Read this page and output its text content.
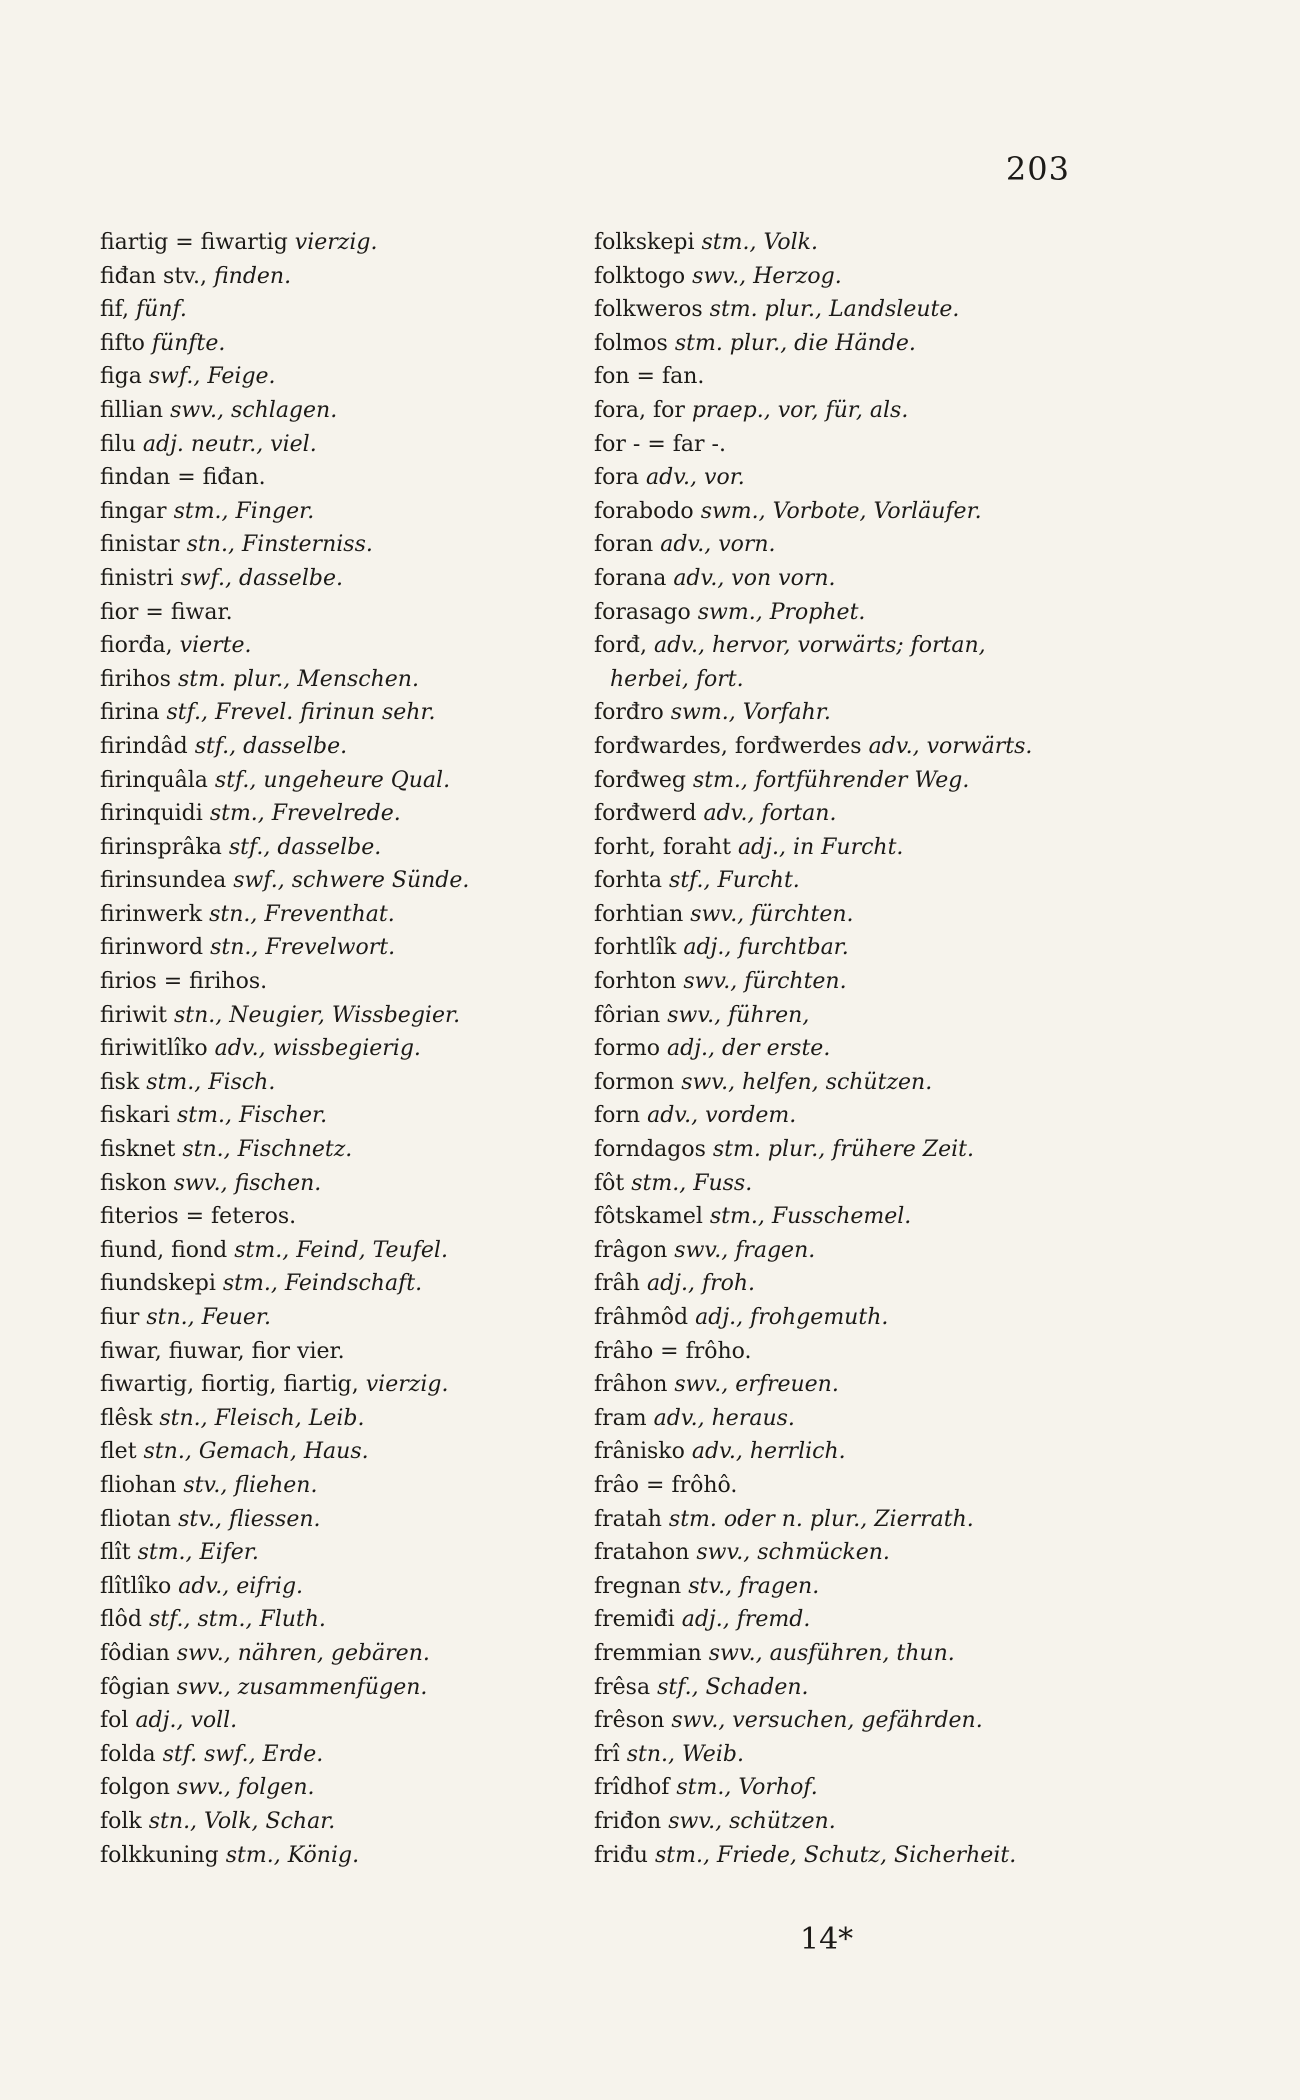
203
fiartig = fiwartig vierzig.
fiđan stv., finden.
fif, fünf.
fifto fünfte.
figa swf., Feige.
fillian swv., schlagen.
filu adj. neutr., viel.
findan = fiđan.
fingar stm., Finger.
finistar stn., Finsterniss.
finistri swf., dasselbe.
fior = fiwar.
fiorđa, vierte.
firihos stm. plur., Menschen.
firina stf., Frevel. firinun sehr.
firindâd stf., dasselbe.
firinquâla stf., ungeheure Qual.
firinquidi stm., Frevelrede.
firinsprâka stf., dasselbe.
firinsundea swf., schwere Sünde.
firinwerk stn., Freventhat.
firinword stn., Frevelwort.
firios = firihos.
firiwit stn., Neugier, Wissbegier.
firiwitlîko adv., wissbegierig.
fisk stm., Fisch.
fiskari stm., Fischer.
fisknet stn., Fischnetz.
fiskon swv., fischen.
fiterios = feteros.
fiund, fiond stm., Feind, Teufel.
fiundskepi stm., Feindschaft.
fiur stn., Feuer.
fiwar, fiuwar, fior vier.
fiwartig, fiortig, fiartig, vierzig.
flêsk stn., Fleisch, Leib.
flet stn., Gemach, Haus.
fliohan stv., fliehen.
fliotan stv., fliessen.
flît stm., Eifer.
flîtlîko adv., eifrig.
flôd stf., stm., Fluth.
fôdian swv., nähren, gebären.
fôgian swv., zusammenfügen.
fol adj., voll.
folda stf. swf., Erde.
folgon swv., folgen.
folk stn., Volk, Schar.
folkkuning stm., König.
folkskepi stm., Volk.
folktogo swv., Herzog.
folkweros stm. plur., Landsleute.
folmos stm. plur., die Hände.
fon = fan.
fora, for praep., vor, für, als.
for - = far -.
fora adv., vor.
forabodo swm., Vorbote, Vorläufer.
foran adv., vorn.
forana adv., von vorn.
forasago swm., Prophet.
forđ, adv., hervor, vorwärts; fortan,
herbei, fort.
forđro swm., Vorfahr.
forđwardes, forđwerdes adv., vorwärts.
forđweg stm., fortführender Weg.
forđwerd adv., fortan.
forht, foraht adj., in Furcht.
forhta stf., Furcht.
forhtian swv., fürchten.
forhtlîk adj., furchtbar.
forhton swv., fürchten.
fôrian swv., führen,
formo adj., der erste.
formon swv., helfen, schützen.
forn adv., vordem.
forndagos stm. plur., frühere Zeit.
fôt stm., Fuss.
fôtskamel stm., Fusschemel.
frâgon swv., fragen.
frâh adj., froh.
frâhmôd adj., frohgemuth.
frâho = frôho.
frâhon swv., erfreuen.
fram adv., heraus.
frânisko adv., herrlich.
frâo = frôhô.
fratah stm. oder n. plur., Zierrath.
fratahon swv., schmücken.
fregnan stv., fragen.
fremiđi adj., fremd.
fremmian swv., ausführen, thun.
frêsa stf., Schaden.
frêson swv., versuchen, gefährden.
frî stn., Weib.
frîdhof stm., Vorhof.
friđon swv., schützen.
friđu stm., Friede, Schutz, Sicherheit.
14*
